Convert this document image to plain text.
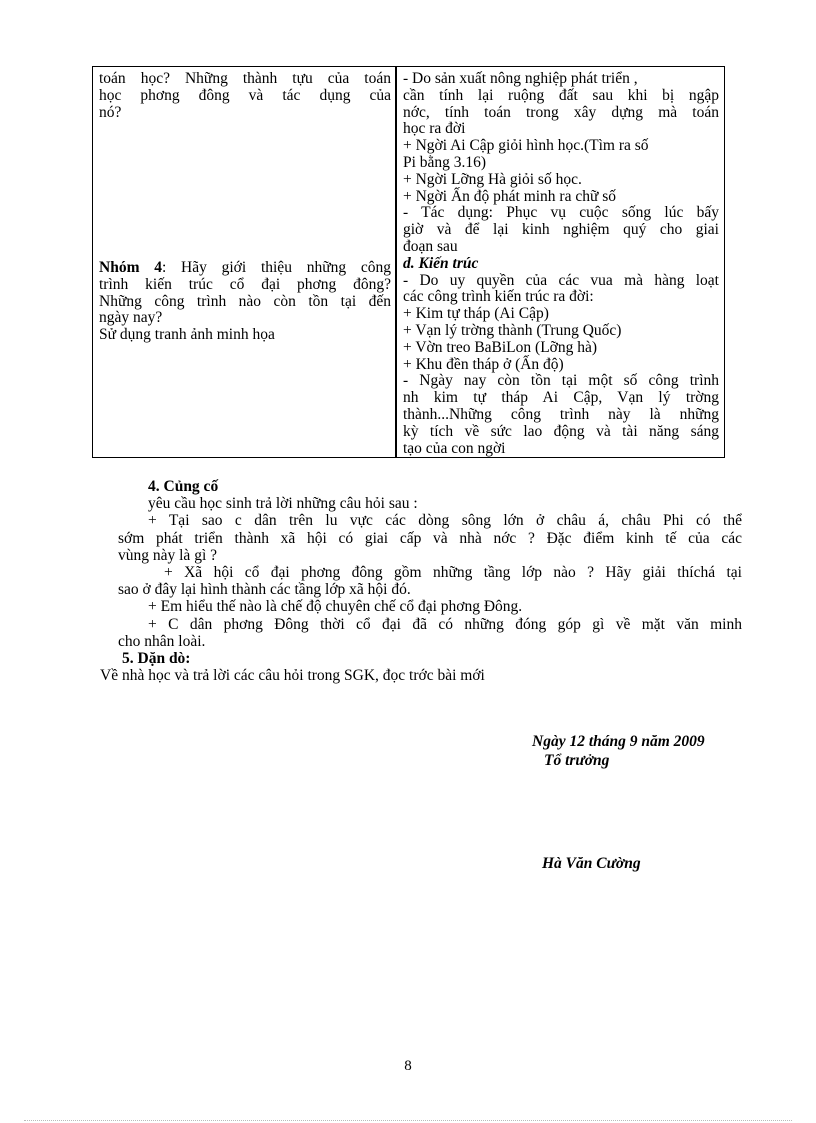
toán học? Những thành tựu của toán
học phơng đông và tác dụng của
nó?
Nhóm 4: Hãy giới thiệu những công
trình kiến trúc cổ đại phơng đông?
Những công trình nào còn tồn tại đến
ngày nay?
Sử dụng tranh ảnh minh họa
- Do sản xuất nông nghiệp phát triển ,
cần tính lại ruộng đất sau khi bị ngập
nớc, tính toán trong xây dựng mà toán
học ra đời
+ Ngời Ai Cập giỏi hình học.(Tìm ra số
Pi bằng 3.16)
+ Ngời Lỡng Hà giỏi số học.
+ Ngời Ấn độ phát minh ra chữ số
- Tác dụng: Phục vụ cuộc sống lúc bấy
giờ và để lại kinh nghiệm quý cho giai
đoạn sau
d. Kiến trúc
- Do uy quyền của các vua mà hàng loạt
các công trình kiến trúc ra đời:
+ Kim tự tháp (Ai Cập)
+ Vạn lý trờng thành (Trung Quốc)
+ Vờn treo BaBiLon (Lỡng hà)
+ Khu đền tháp ở (Ấn độ)
- Ngày nay còn tồn tại một số công trình
nh kim tự tháp Ai Cập, Vạn lý trờng
thành...Những công trình này là những
kỳ tích về sức lao động và tài năng sáng
tạo của con ngời
4. Củng cố
yêu cầu học sinh trả lời những câu hỏi sau :
+ Tại sao c dân trên lu vực các dòng sông lớn ở châu á, châu Phi có thể
sớm phát triển thành xã hội có giai cấp và nhà nớc ? Đặc điểm kinh tế của các
vùng này là gì ?
+ Xã hội cổ đại phơng đông gồm những tầng lớp nào ? Hãy giải thíchá tại
sao ở đây lại hình thành các tầng lớp xã hội đó.
+ Em hiểu thế nào là chế độ chuyên chế cổ đại phơng Đông.
+ C dân phơng Đông thời cổ đại đã có những đóng góp gì về mặt văn minh
cho nhân loài.
5. Dặn dò:
Về nhà học và trả lời các câu hỏi trong SGK, đọc trớc bài mới
Ngày 12 tháng 9 năm 2009
Tổ trưởng
Hà Văn Cường
8
